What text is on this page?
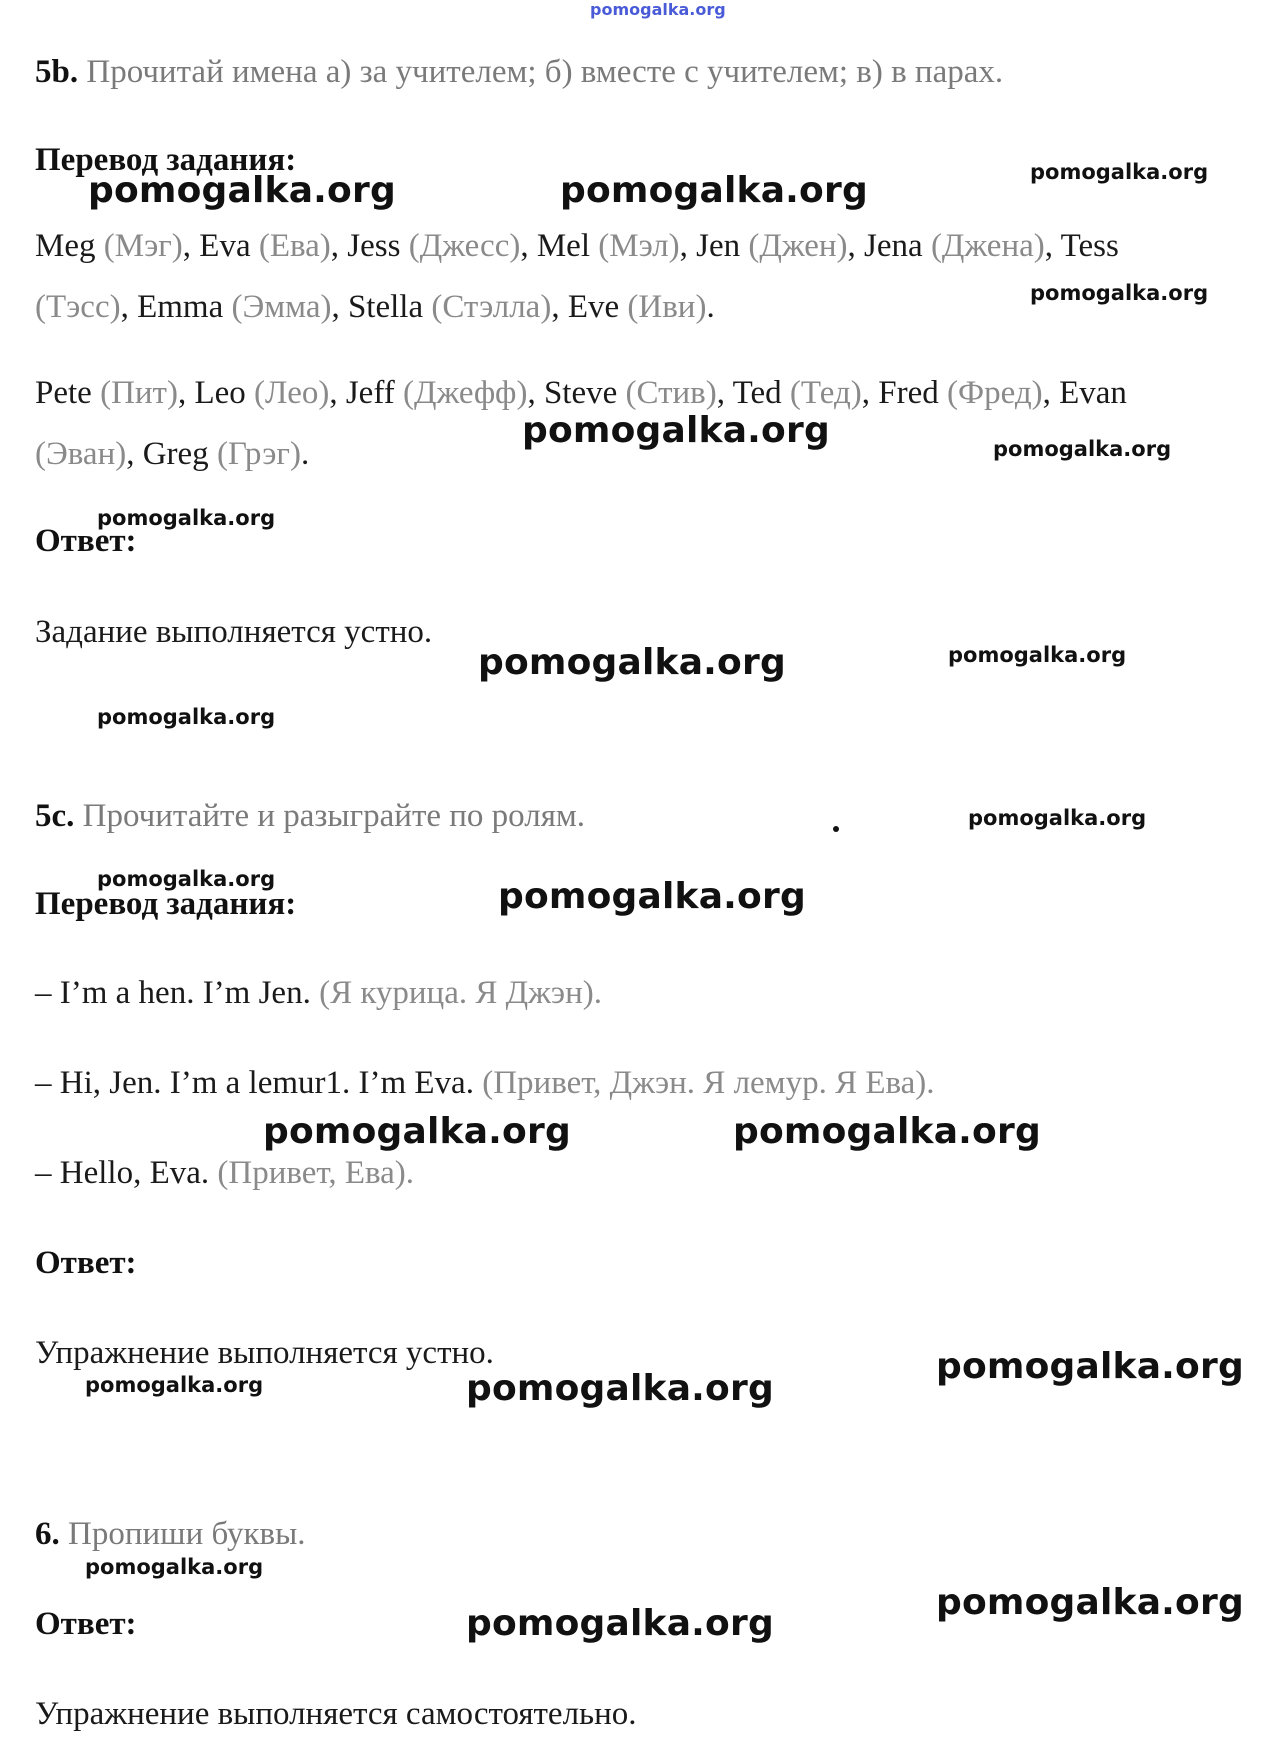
pomogalka.org
5b. Прочитай имена а) за учителем; б) вместе с учителем; в) в парах.
Перевод задания:
Meg (Мэг), Eva (Ева), Jess (Джесс), Mel (Мэл), Jen (Джен), Jena (Джена), Tess
(Тэсс), Emma (Эмма), Stella (Стэлла), Eve (Иви).
Pete (Пит), Leo (Лео), Jeff (Джефф), Steve (Стив), Ted (Тед), Fred (Фред), Evan
(Эван), Greg (Грэг).
Ответ:
Задание выполняется устно.
5c. Прочитайте и разыграйте по ролям.
Перевод задания:
– I’m a hen. I’m Jen. (Я курица. Я Джэн).
– Hi, Jen. I’m a lemur1. I’m Eva. (Привет, Джэн. Я лемур. Я Ева).
– Hello, Eva. (Привет, Ева).
Ответ:
Упражнение выполняется устно.
6. Пропиши буквы.
Ответ:
Упражнение выполняется самостоятельно.
pomogalka.org	pomogalka.org	pomogalka.org
pomogalka.org
pomogalka.org	pomogalka.org
pomogalka.org
pomogalka.org	pomogalka.org
pomogalka.org
pomogalka.org
pomogalka.org	pomogalka.org
pomogalka.org	pomogalka.org
pomogalka.org
pomogalka.org	pomogalka.org
pomogalka.org
pomogalka.org
pomogalka.org
